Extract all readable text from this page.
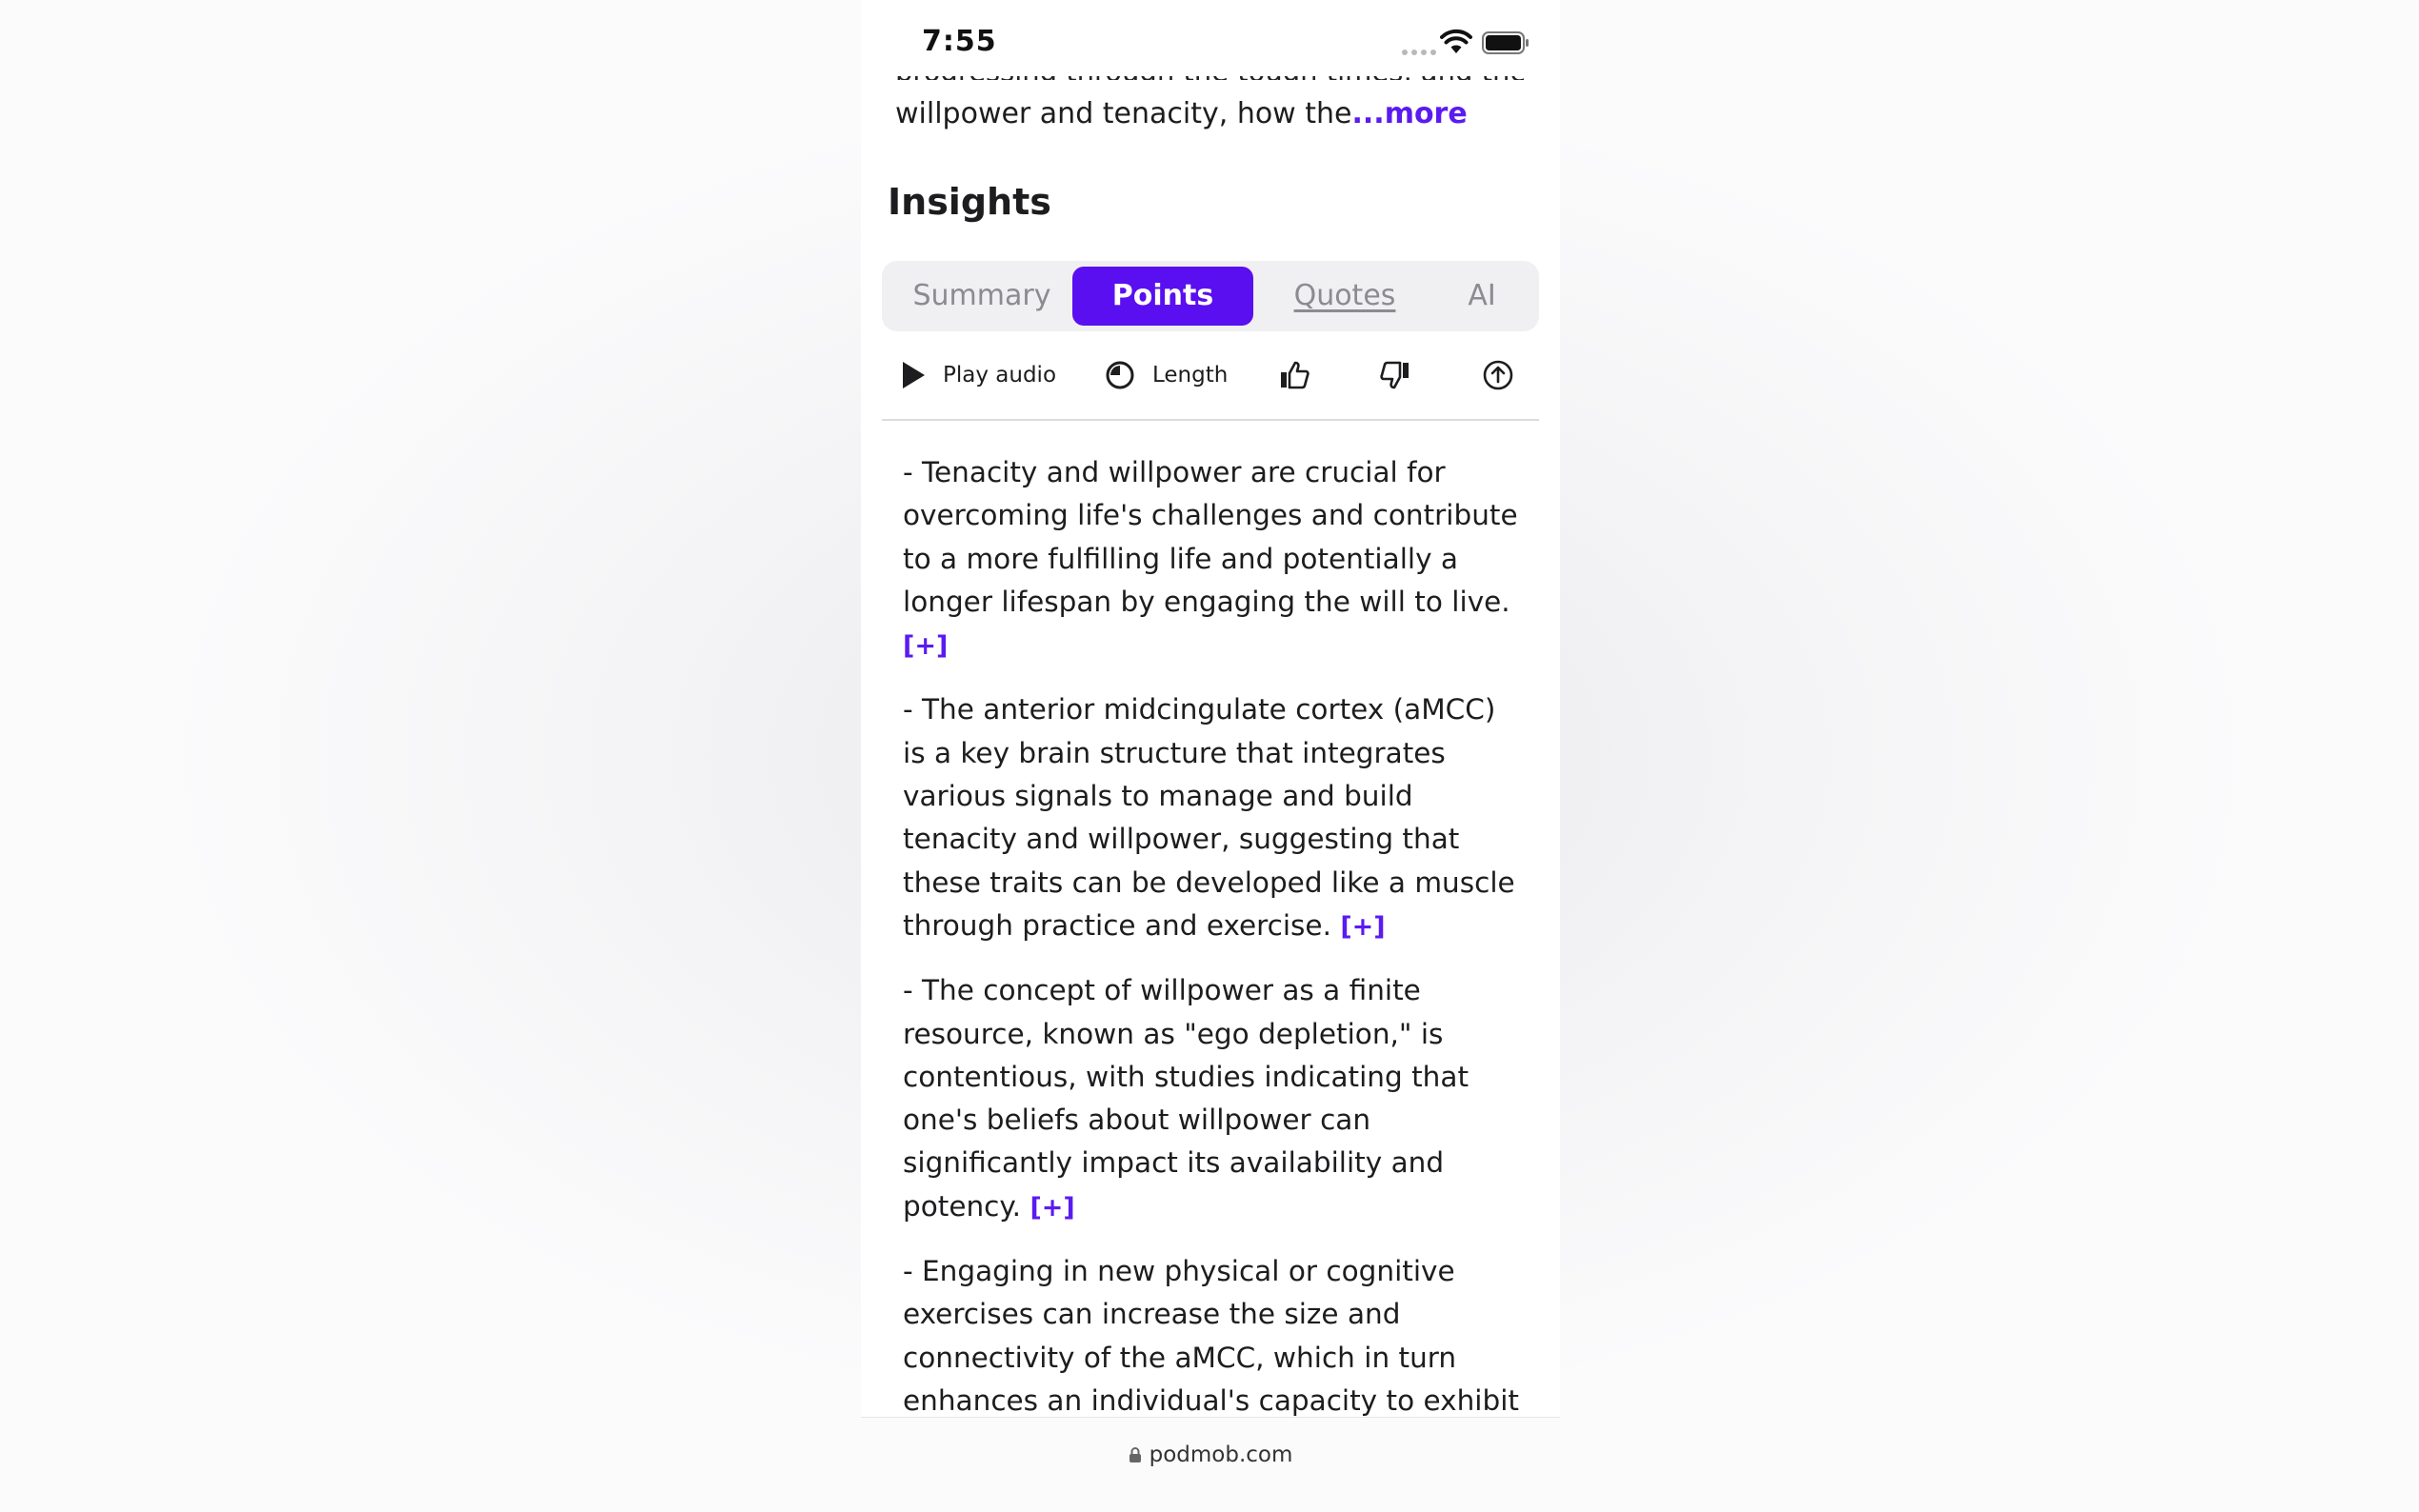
willpower and tenacity, how the...more
Insights
Summary	Points	Quotes	AI
Play audio	Length

- Tenacity and willpower are crucial for overcoming life's challenges and contribute to a more fulfilling life and potentially a longer lifespan by engaging the will to live. [+]

- The anterior midcingulate cortex (aMCC) is a key brain structure that integrates various signals to manage and build tenacity and willpower, suggesting that these traits can be developed like a muscle through practice and exercise. [+]

- The concept of willpower as a finite resource, known as "ego depletion," is contentious, with studies indicating that one's beliefs about willpower can significantly impact its availability and potency. [+]

- Engaging in new physical or cognitive exercises can increase the size and connectivity of the aMCC, which in turn enhances an individual's capacity to exhibit

7:55
podmob.com
